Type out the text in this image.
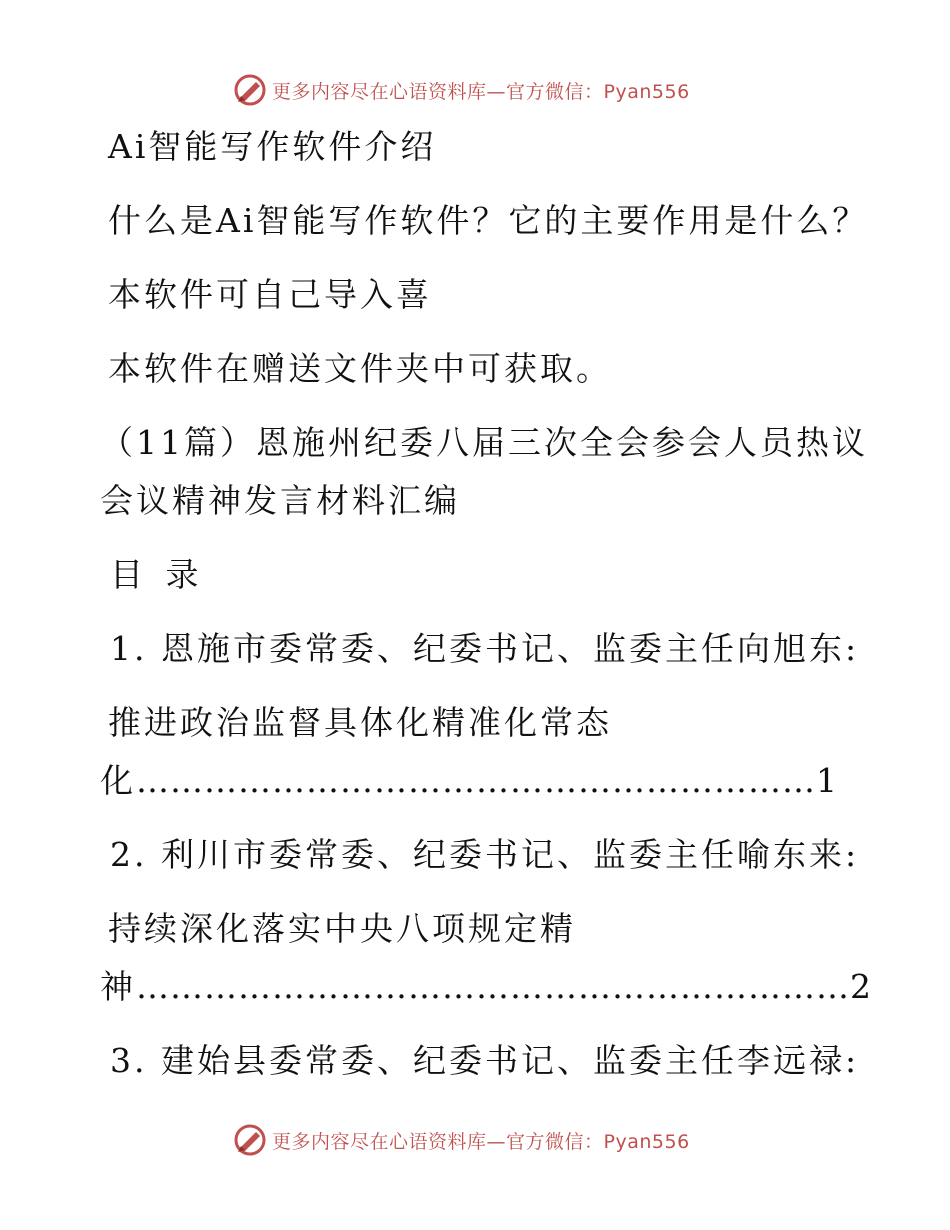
更多内容尽在心语资料库—官方微信：Pyan556
Ai智能写作软件介绍
什么是Ai智能写作软件？它的主要作用是什么？
本软件可自己导入喜
本软件在赠送文件夹中可获取。
（11篇）恩施州纪委八届三次全会参会人员热议
会议精神发言材料汇编
目 录
1. 恩施市委常委、纪委书记、监委主任向旭东:
推进政治监督具体化精准化常态
化……………………………………………………1
2. 利川市委常委、纪委书记、监委主任喻东来:
持续深化落实中央八项规定精
神………………………………………………………2
3. 建始县委常委、纪委书记、监委主任李远禄:
更多内容尽在心语资料库—官方微信：Pyan556
